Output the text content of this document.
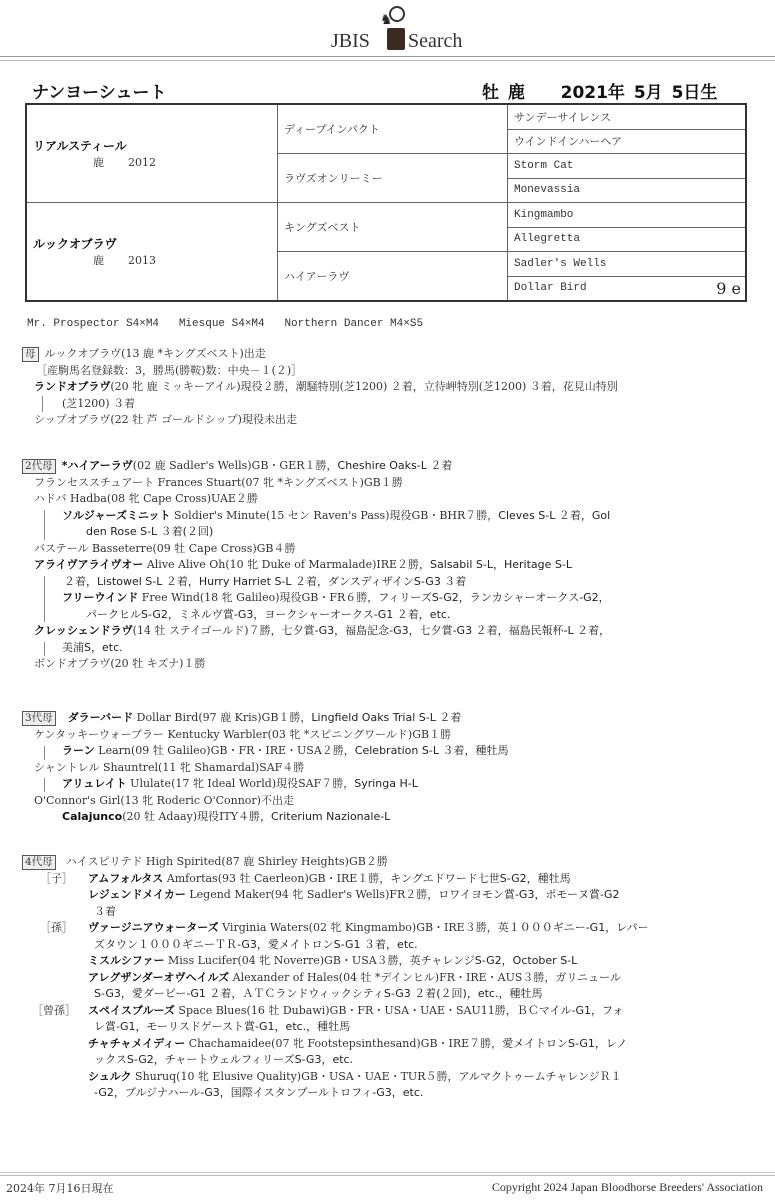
♞
JBIS Search
ナンヨーシュート	牡 鹿 2021年 5月 5日生
リアルスティール
鹿 2012	ディープインパクト	サンデーサイレンス
		ウインドインハーヘア
	ラヴズオンリーミー	Storm Cat
		Monevassia

ルックオブラヴ
鹿 2013	キングズベスト	Kingmambo
		Allegretta
	ハイアーラヴ	Sadler's Wells
		Dollar Bird 9 e
Mr. Prospector S4×M4   Miesque S4×M4   Northern Dancer M4×S5
母 ルックオブラヴ(13 鹿 *キングズベスト)出走
［産駒馬名登録数：3，勝馬(勝鞍)数：中央－１(２)］
ランドオブラヴ(20 牝 鹿 ミッキーアイル)現役２勝，潮騒特別(芝1200) ２着，立待岬特別(芝1200) ３着，花見山特別
(芝1200) ３着
シップオブラヴ(22 牡 芦 ゴールドシップ)現役未出走
2代母 *ハイアーラヴ(02 鹿 Sadler's Wells)GB・GER１勝，Cheshire Oaks-L ２着
フランセススチュアート Frances Stuart(07 牝 *キングズベスト)GB１勝
ハドバ Hadba(08 牝 Cape Cross)UAE２勝
ソルジャーズミニット Soldier's Minute(15 セン Raven's Pass)現役GB・BHR７勝，Cleves S-L ２着，Gol
den Rose S-L ３着(２回)
バステール Basseterre(09 牡 Cape Cross)GB４勝
アライヴアライヴオー Alive Alive Oh(10 牝 Duke of Marmalade)IRE２勝，Salsabil S-L，Heritage S-L
２着，Listowel S-L ２着，Hurry Harriet S-L ２着，ダンスディザインS-G3 ３着
フリーウインド Free Wind(18 牝 Galileo)現役GB・FR６勝，フィリーズS-G2，ランカシャーオークス-G2，
パークヒルS-G2，ミネルヴ賞-G3，ヨークシャーオークス-G1 ２着，etc.
クレッシェンドラヴ(14 牡 ステイゴールド)７勝，七夕賞-G3，福島記念-G3，七夕賞-G3 ２着，福島民報杯-L ２着，
美浦S，etc.
ボンドオブラヴ(20 牡 キズナ)１勝
3代母 ダラーバード Dollar Bird(97 鹿 Kris)GB１勝，Lingfield Oaks Trial S-L ２着
ケンタッキーウォーブラー Kentucky Warbler(03 牝 *スピニングワールド)GB１勝
ラーン Learn(09 牡 Galileo)GB・FR・IRE・USA２勝，Celebration S-L ３着，種牡馬
シャントレル Shauntrel(11 牝 Shamardal)SAF４勝
アリュレイト Ululate(17 牝 Ideal World)現役SAF７勝，Syringa H-L
O'Connor's Girl(13 牝 Roderic O'Connor)不出走
Calajunco(20 牡 Adaay)現役ITY４勝，Criterium Nazionale-L
4代母 ハイスピリテド High Spirited(87 鹿 Shirley Heights)GB２勝
［子］ アムフォルタス Amfortas(93 牡 Caerleon)GB・IRE１勝，キングエドワード七世S-G2，種牡馬
レジェンドメイカー Legend Maker(94 牝 Sadler's Wells)FR２勝，ロワイヨモン賞-G3，ポモーヌ賞-G2
３着
［孫］ ヴァージニアウォーターズ Virginia Waters(02 牝 Kingmambo)GB・IRE３勝，英１０００ギニー-G1，レパー
ズタウン１０００ギニーＴＲ-G3，愛メイトロンS-G1 ３着，etc.
ミスルシファー Miss Lucifer(04 牝 Noverre)GB・USA３勝，英チャレンジS-G2，October S-L
アレグザンダーオヴヘイルズ Alexander of Hales(04 牡 *デインヒル)FR・IRE・AUS３勝，ガリニュール
S-G3，愛ダービー-G1 ２着，ＡＴＣランドウィックシティS-G3 ２着(２回)，etc.，種牡馬
［曾孫］ スペイスブルーズ Space Blues(16 牡 Dubawi)GB・FR・USA・UAE・SAU11勝，ＢＣマイル-G1，フォ
レ賞-G1，モーリスドゲースト賞-G1，etc.，種牡馬
チャチャメイディー Chachamaidee(07 牝 Footstepsinthesand)GB・IRE７勝，愛メイトロンS-G1，レノ
ックスS-G2，チャートウェルフィリーズS-G3，etc.
シュルク Shuruq(10 牝 Elusive Quality)GB・USA・UAE・TUR５勝，アルマクトゥームチャレンジＲ１
-G2，ブルジナハール-G3，国際イスタンブールトロフィ-G3，etc.
2024年 7月16日現在	Copyright 2024 Japan Bloodhorse Breeders' Association
